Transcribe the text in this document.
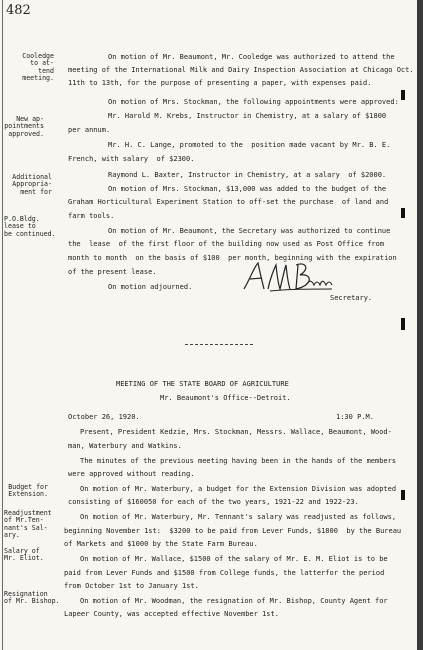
482
Cooledge
to at-
tend
meeting.
New ap-
pointments
approved.
Additional
Appropria-
ment for
P.O.Bldg.
lease to
be continued.
Budget for
Extension.
Readjustment
of Mr.Ten-
nant's Sal-
ary.
Salary of
Mr. Eliot.
Resignation
of Mr. Bishop.
On motion of Mr. Beaumont, Mr. Cooledge was authorized to attend the
meeting of the International Milk and Dairy Inspection Association at Chicago Oct.
11th to 13th, for the purpose of presenting a paper, with expenses paid.
On motion of Mrs. Stockman, the following appointments were approved:
Mr. Harold M. Krebs, Instructor in Chemistry, at a salary of $1800
per annum.
Mr. H. C. Lange, promoted to the  position made vacant by Mr. B. E.
French, with salary  of $2300.
Raymond L. Baxter, Instructor in Chemistry, at a salary  of $2000.
On motion of Mrs. Stockman, $13,000 was added to the budget of the
Graham Horticultural Experiment Station to off-set the purchase  of land and
farm tools.
On motion of Mr. Beaumont, the Secretary was authorized to continue
the  lease  of the first floor of the building now used as Post Office from
month to month  on the basis of $100  per month, beginning with the expiration
of the present lease.
On motion adjourned.
Secretary.
MEETING OF THE STATE BOARD OF AGRICULTURE
Mr. Beaumont's Office--Detroit.
October 26, 1920.	1:30 P.M.
Present, President Kedzie, Mrs. Stockman, Messrs. Wallace, Beaumont, Wood-
man, Waterbury and Watkins.
The minutes of the previous meeting having been in the hands of the members
were approved without reading.
On motion of Mr. Waterbury, a budget for the Extension Division was adopted
consisting of $160050 for each of the two years, 1921-22 and 1922-23.
On motion of Mr. Waterbury, Mr. Tennant's salary was readjusted as follows,
beginning November 1st:  $3200 to be paid from Lever Funds, $1800  by the Bureau
of Markets and $1000 by the State Farm Bureau.
On motion of Mr. Wallace, $1500 of the salary of Mr. E. M. Eliot is to be
paid from Lever Funds and $1500 from College funds, the latterfor the period
from October 1st to January 1st.
On motion of Mr. Woodman, the resignation of Mr. Bishop, County Agent for
Lapeer County, was accepted effective November 1st.
